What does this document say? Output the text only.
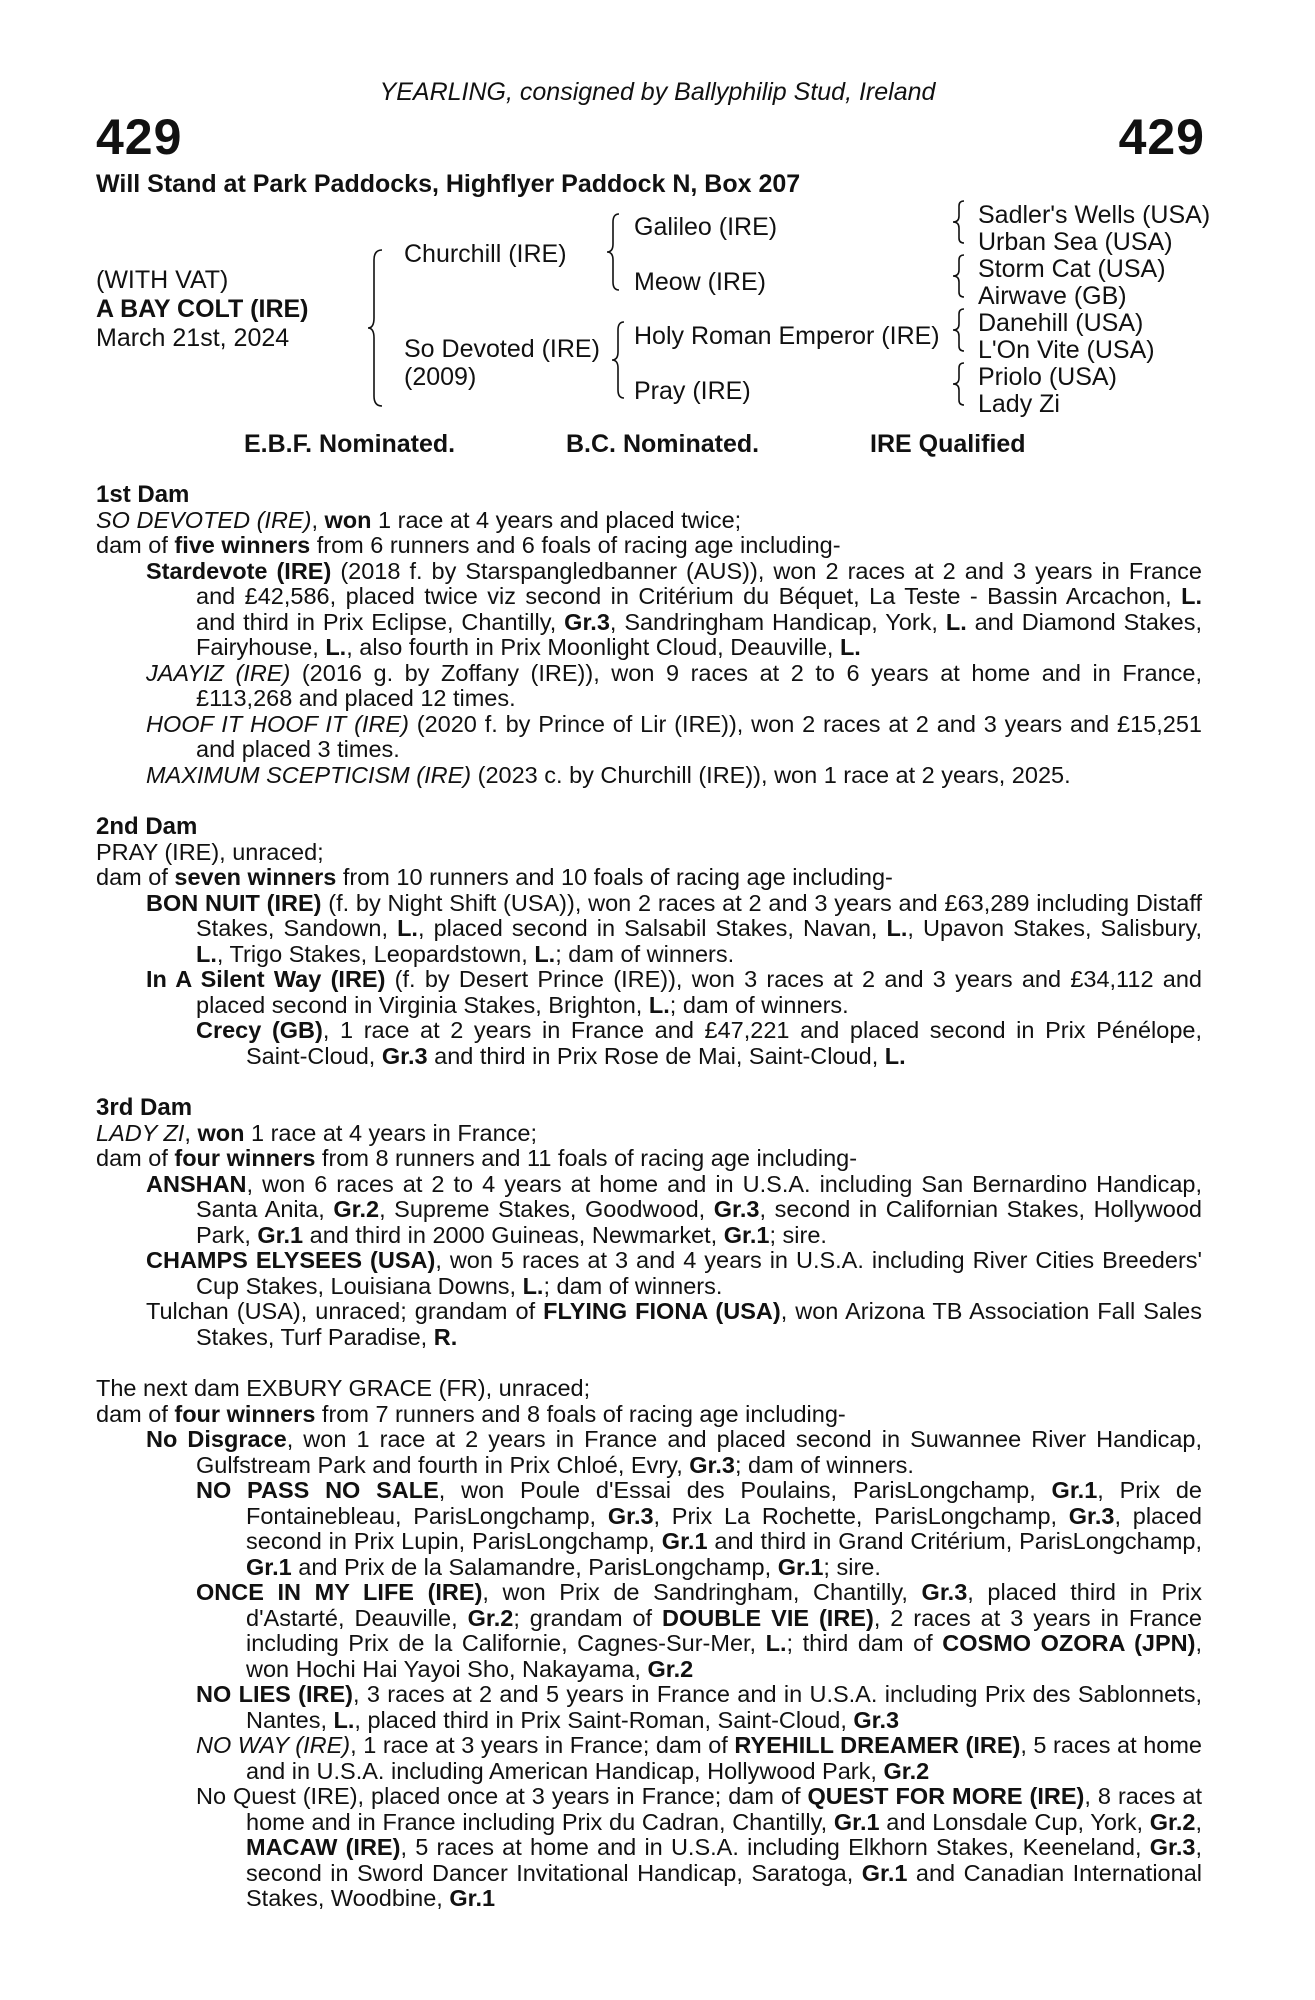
YEARLING, consigned by Ballyphilip Stud, Ireland
429	429
Will Stand at Park Paddocks, Highflyer Paddock N, Box 207
(WITH VAT)
A BAY COLT (IRE)
March 21st, 2024
Churchill (IRE)
So Devoted (IRE)
(2009)
Galileo (IRE)
Meow (IRE)
Holy Roman Emperor (IRE)
Pray (IRE)
Sadler's Wells (USA)
Urban Sea (USA)
Storm Cat (USA)
Airwave (GB)
Danehill (USA)
L'On Vite (USA)
Priolo (USA)
Lady Zi
E.B.F. Nominated.	B.C. Nominated.	IRE Qualified
1st Dam

SO DEVOTED (IRE), won 1 race at 4 years and placed twice;

dam of five winners from 6 runners and 6 foals of racing age including-

Stardevote (IRE) (2018 f. by Starspangledbanner (AUS)), won 2 races at 2 and 3 years in France and £42,586, placed twice viz second in Critérium du Béquet, La Teste - Bassin Arcachon, L. and third in Prix Eclipse, Chantilly, Gr.3, Sandringham Handicap, York, L. and Diamond Stakes, Fairyhouse, L., also fourth in Prix Moonlight Cloud, Deauville, L.

JAAYIZ (IRE) (2016 g. by Zoffany (IRE)), won 9 races at 2 to 6 years at home and in France, £113,268 and placed 12 times.

HOOF IT HOOF IT (IRE) (2020 f. by Prince of Lir (IRE)), won 2 races at 2 and 3 years and £15,251 and placed 3 times.

MAXIMUM SCEPTICISM (IRE) (2023 c. by Churchill (IRE)), won 1 race at 2 years, 2025.

2nd Dam

PRAY (IRE), unraced;

dam of seven winners from 10 runners and 10 foals of racing age including-

BON NUIT (IRE) (f. by Night Shift (USA)), won 2 races at 2 and 3 years and £63,289 including Distaff Stakes, Sandown, L., placed second in Salsabil Stakes, Navan, L., Upavon Stakes, Salisbury, L., Trigo Stakes, Leopardstown, L.; dam of winners.

In A Silent Way (IRE) (f. by Desert Prince (IRE)), won 3 races at 2 and 3 years and £34,112 and placed second in Virginia Stakes, Brighton, L.; dam of winners.

Crecy (GB), 1 race at 2 years in France and £47,221 and placed second in Prix Pénélope, Saint-Cloud, Gr.3 and third in Prix Rose de Mai, Saint-Cloud, L.

3rd Dam

LADY ZI, won 1 race at 4 years in France;

dam of four winners from 8 runners and 11 foals of racing age including-

ANSHAN, won 6 races at 2 to 4 years at home and in U.S.A. including San Bernardino Handicap, Santa Anita, Gr.2, Supreme Stakes, Goodwood, Gr.3, second in Californian Stakes, Hollywood Park, Gr.1 and third in 2000 Guineas, Newmarket, Gr.1; sire.

CHAMPS ELYSEES (USA), won 5 races at 3 and 4 years in U.S.A. including River Cities Breeders' Cup Stakes, Louisiana Downs, L.; dam of winners.

Tulchan (USA), unraced; grandam of FLYING FIONA (USA), won Arizona TB Association Fall Sales Stakes, Turf Paradise, R.

The next dam EXBURY GRACE (FR), unraced;

dam of four winners from 7 runners and 8 foals of racing age including-

No Disgrace, won 1 race at 2 years in France and placed second in Suwannee River Handicap, Gulfstream Park and fourth in Prix Chloé, Evry, Gr.3; dam of winners.

NO PASS NO SALE, won Poule d'Essai des Poulains, ParisLongchamp, Gr.1, Prix de Fontainebleau, ParisLongchamp, Gr.3, Prix La Rochette, ParisLongchamp, Gr.3, placed second in Prix Lupin, ParisLongchamp, Gr.1 and third in Grand Critérium, ParisLongchamp, Gr.1 and Prix de la Salamandre, ParisLongchamp, Gr.1; sire.

ONCE IN MY LIFE (IRE), won Prix de Sandringham, Chantilly, Gr.3, placed third in Prix d'Astarté, Deauville, Gr.2; grandam of DOUBLE VIE (IRE), 2 races at 3 years in France including Prix de la Californie, Cagnes-Sur-Mer, L.; third dam of COSMO OZORA (JPN), won Hochi Hai Yayoi Sho, Nakayama, Gr.2

NO LIES (IRE), 3 races at 2 and 5 years in France and in U.S.A. including Prix des Sablonnets, Nantes, L., placed third in Prix Saint-Roman, Saint-Cloud, Gr.3

NO WAY (IRE), 1 race at 3 years in France; dam of RYEHILL DREAMER (IRE), 5 races at home and in U.S.A. including American Handicap, Hollywood Park, Gr.2

No Quest (IRE), placed once at 3 years in France; dam of QUEST FOR MORE (IRE), 8 races at home and in France including Prix du Cadran, Chantilly, Gr.1 and Lonsdale Cup, York, Gr.2, MACAW (IRE), 5 races at home and in U.S.A. including Elkhorn Stakes, Keeneland, Gr.3, second in Sword Dancer Invitational Handicap, Saratoga, Gr.1 and Canadian International Stakes, Woodbine, Gr.1
